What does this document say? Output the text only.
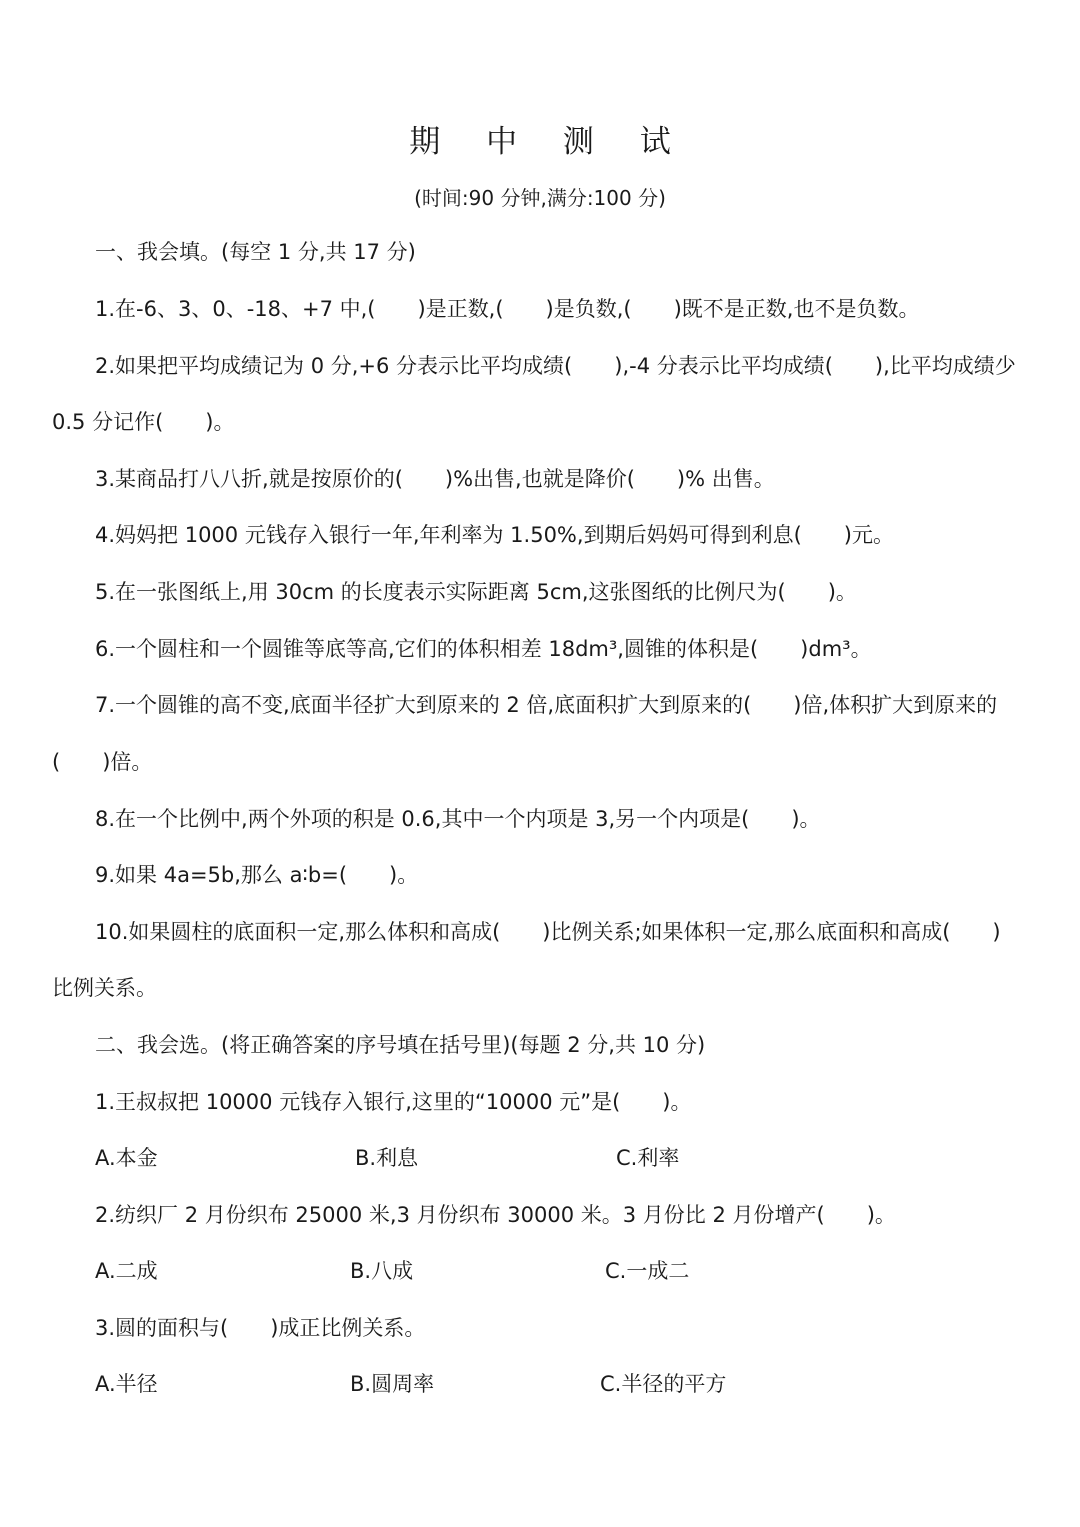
期 中 测 试
(时间:90 分钟,满分:100 分)
一、我会填。(每空 1 分,共 17 分)
1.在-6、3、0、-18、+7 中,(　　)是正数,(　　)是负数,(　　)既不是正数,也不是负数。
2.如果把平均成绩记为 0 分,+6 分表示比平均成绩(　　),-4 分表示比平均成绩(　　),比平均成绩少
0.5 分记作(　　)。
3.某商品打八八折,就是按原价的(　　)%出售,也就是降价(　　)% 出售。
4.妈妈把 1000 元钱存入银行一年,年利率为 1.50%,到期后妈妈可得到利息(　　)元。
5.在一张图纸上,用 30cm 的长度表示实际距离 5cm,这张图纸的比例尺为(　　)。
6.一个圆柱和一个圆锥等底等高,它们的体积相差 18dm³,圆锥的体积是(　　)dm³。
7.一个圆锥的高不变,底面半径扩大到原来的 2 倍,底面积扩大到原来的(　　)倍,体积扩大到原来的
(　　)倍。
8.在一个比例中,两个外项的积是 0.6,其中一个内项是 3,另一个内项是(　　)。
9.如果 4a=5b,那么 a∶b=(　　)。
10.如果圆柱的底面积一定,那么体积和高成(　　)比例关系;如果体积一定,那么底面积和高成(　　)
比例关系。
二、我会选。(将正确答案的序号填在括号里)(每题 2 分,共 10 分)
1.王叔叔把 10000 元钱存入银行,这里的“10000 元”是(　　)。
A.本金	B.利息	C.利率
2.纺织厂 2 月份织布 25000 米,3 月份织布 30000 米。3 月份比 2 月份增产(　　)。
A.二成	B.八成	C.一成二
3.圆的面积与(　　)成正比例关系。
A.半径	B.圆周率	C.半径的平方
